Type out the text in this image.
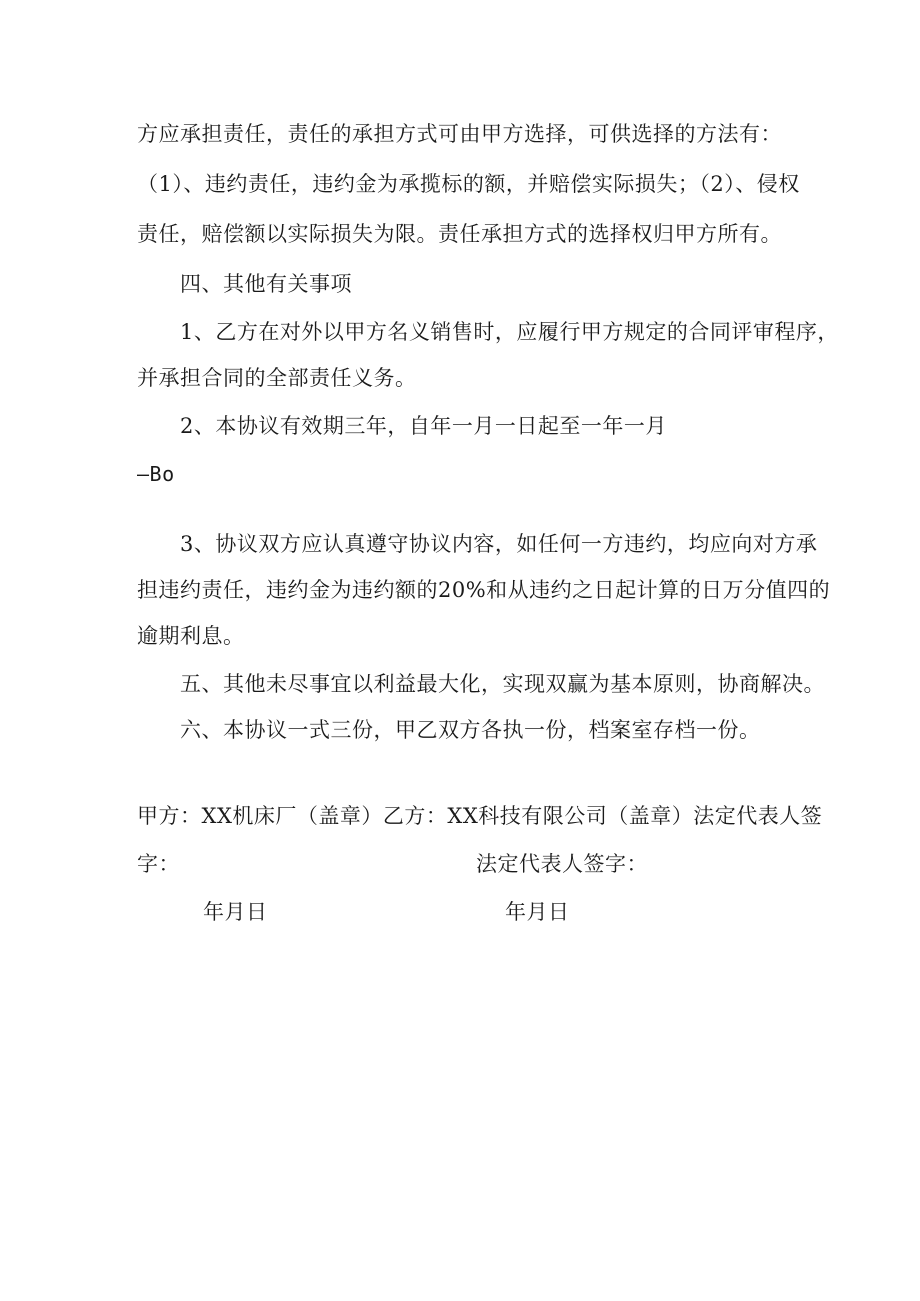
方应承担责任，责任的承担方式可由甲方选择，可供选择的方法有：
（1）、违约责任，违约金为承揽标的额，并赔偿实际损失；（2）、侵权
责任，赔偿额以实际损失为限。责任承担方式的选择权归甲方所有。
四、其他有关事项
1、乙方在对外以甲方名义销售时，应履行甲方规定的合同评审程序，
并承担合同的全部责任义务。
2、本协议有效期三年，自年一月一日起至一年一月
—Bo
3、协议双方应认真遵守协议内容，如任何一方违约，均应向对方承
担违约责任，违约金为违约额的20%和从违约之日起计算的日万分值四的
逾期利息。
五、其他未尽事宜以利益最大化，实现双赢为基本原则，协商解决。
六、本协议一式三份，甲乙双方各执一份，档案室存档一份。
甲方：XX机床厂（盖章）乙方：XX科技有限公司（盖章）法定代表人签
字：	法定代表人签字：
年月日	年月日
